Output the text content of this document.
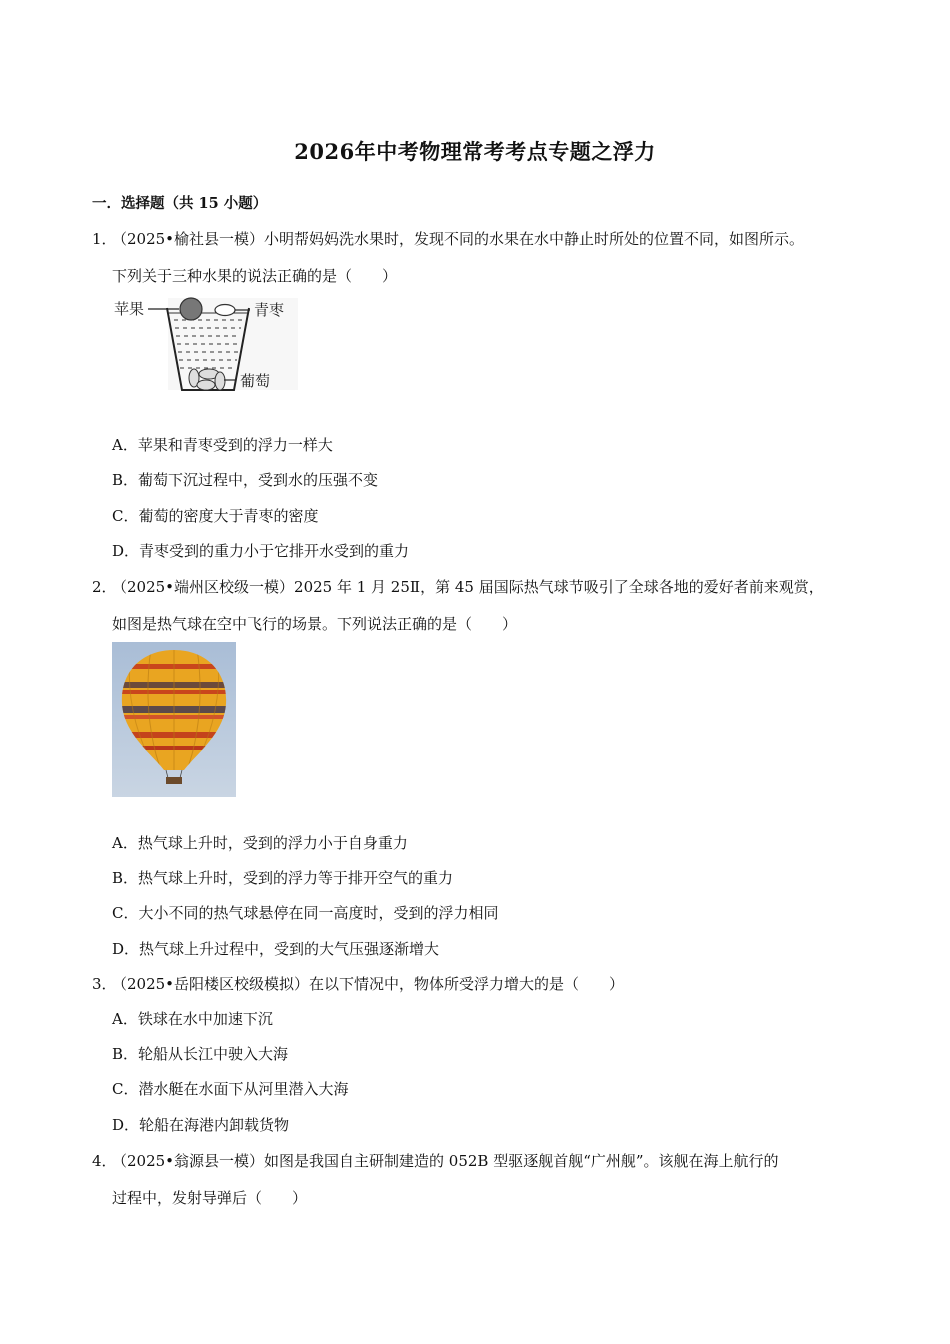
2026年中考物理常考考点专题之浮力
一．选择题（共 15 小题）
1．
（2025•榆社县一模）小明帮妈妈洗水果时，发现不同的水果在水中静止时所处的位置不同，如图所示。
下列关于三种水果的说法正确的是（　　）
苹果	青枣
葡萄
A．苹果和青枣受到的浮力一样大
B．葡萄下沉过程中，受到水的压强不变
C．葡萄的密度大于青枣的密度
D．青枣受到的重力小于它排开水受到的重力
2．
（2025•端州区校级一模）2025 年 1 月 25Ⅱ，第 45 届国际热气球节吸引了全球各地的爱好者前来观赏，
如图是热气球在空中飞行的场景。下列说法正确的是（　　）
A．热气球上升时，受到的浮力小于自身重力
B．热气球上升时，受到的浮力等于排开空气的重力
C．大小不同的热气球悬停在同一高度时，受到的浮力相同
D．热气球上升过程中，受到的大气压强逐渐增大
3．
（2025•岳阳楼区校级模拟）在以下情况中，物体所受浮力增大的是（　　）
A．铁球在水中加速下沉
B．轮船从长江中驶入大海
C．潜水艇在水面下从河里潜入大海
D．轮船在海港内卸载货物
4．
（2025•翁源县一模）如图是我国自主研制建造的 052B 型驱逐舰首舰“广州舰”。该舰在海上航行的
过程中，发射导弹后（　　）
